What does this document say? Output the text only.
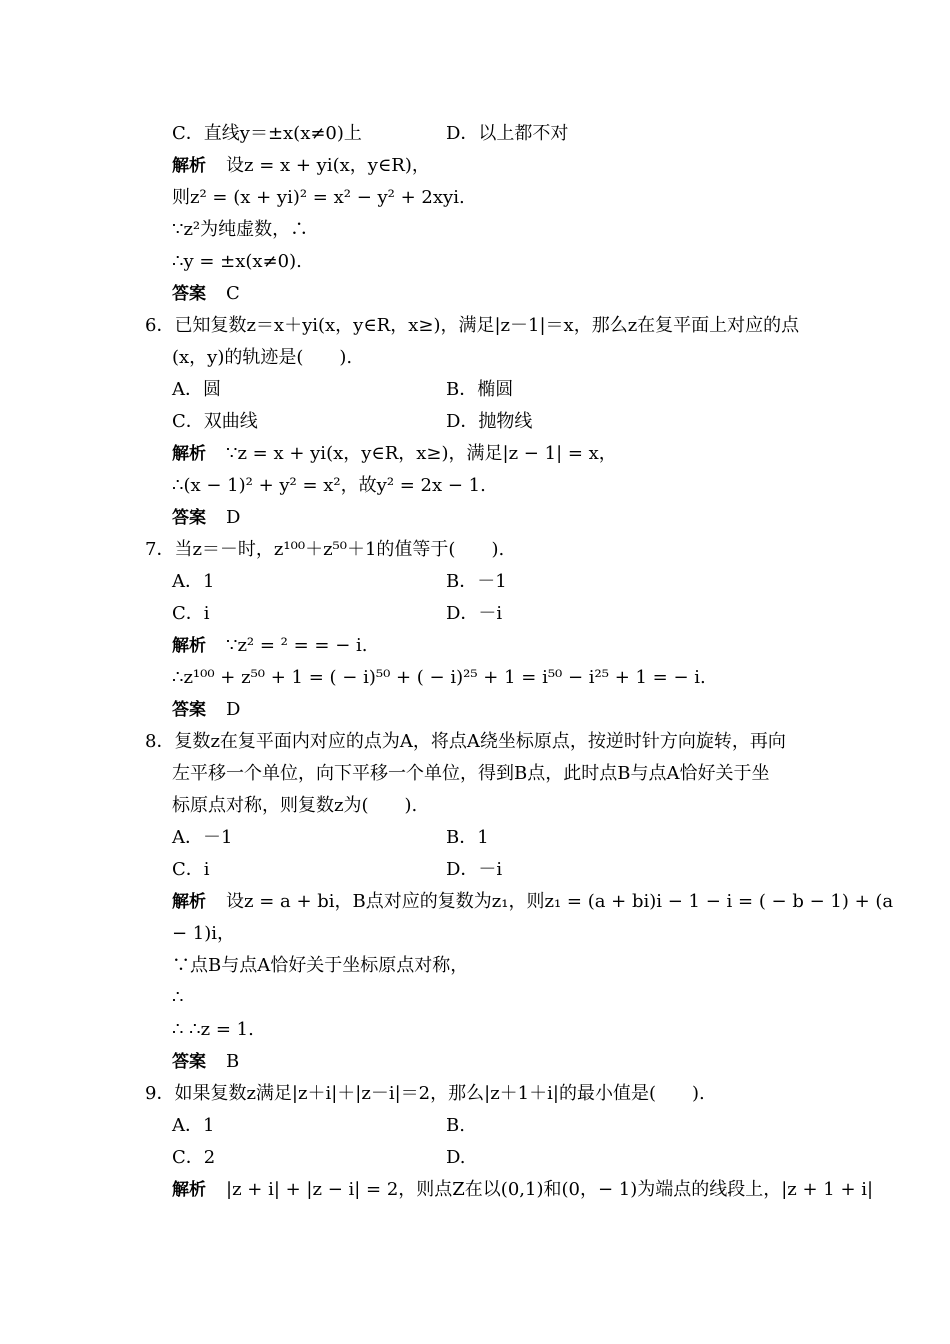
C．直线y＝±x(x≠0)上	D．以上都不对
解析 设z = x + yi(x，y∈R)，
则z² = (x + yi)² = x² − y² + 2xyi.
∵z²为纯虚数，∴
∴y = ±x(x≠0).
答案 C
6．已知复数z＝x＋yi(x，y∈R，x≥)，满足|z－1|＝x，那么z在复平面上对应的点
(x，y)的轨迹是(　　).
A．圆	B．椭圆
C．双曲线	D．抛物线
解析 ∵z = x + yi(x，y∈R，x≥)，满足|z − 1| = x，
∴(x − 1)² + y² = x²，故y² = 2x − 1.
答案 D
7．当z＝－时，z¹⁰⁰＋z⁵⁰＋1的值等于(　　).
A．1	B．－1
C．i	D．－i
解析 ∵z² = ² = = − i.
∴z¹⁰⁰ + z⁵⁰ + 1 = ( − i)⁵⁰ + ( − i)²⁵ + 1 = i⁵⁰ − i²⁵ + 1 = − i.
答案 D
8．复数z在复平面内对应的点为A，将点A绕坐标原点，按逆时针方向旋转，再向
左平移一个单位，向下平移一个单位，得到B点，此时点B与点A恰好关于坐
标原点对称，则复数z为(　　).
A．－1	B．1
C．i	D．－i
解析 设z = a + bi，B点对应的复数为z₁，则z₁ = (a + bi)i − 1 − i = ( − b − 1) + (a
− 1)i，
∵点B与点A恰好关于坐标原点对称，
∴
∴ ∴z = 1.
答案 B
9．如果复数z满足|z＋i|＋|z－i|＝2，那么|z＋1＋i|的最小值是(　　).
A．1	B.
C．2	D.
解析 |z + i| + |z − i| = 2，则点Z在以(0,1)和(0，− 1)为端点的线段上，|z + 1 + i|
